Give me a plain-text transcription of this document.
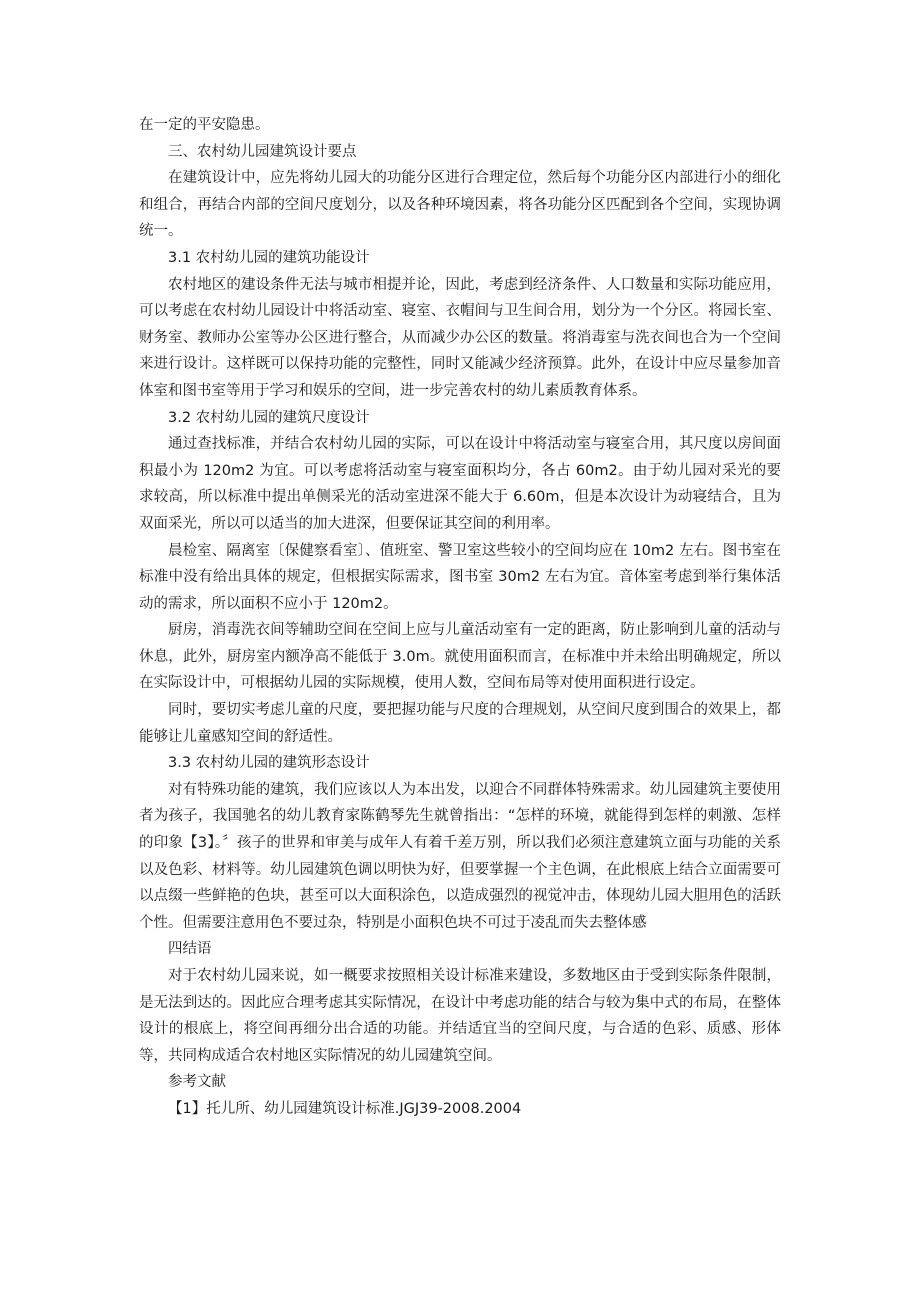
在一定的平安隐患。

三、农村幼儿园建筑设计要点

在建筑设计中，应先将幼儿园大的功能分区进行合理定位，然后每个功能分区内部进行小的细化和组合，再结合内部的空间尺度划分，以及各种环境因素，将各功能分区匹配到各个空间，实现协调统一。

3.1 农村幼儿园的建筑功能设计

农村地区的建设条件无法与城市相提并论，因此，考虑到经济条件、人口数量和实际功能应用，可以考虑在农村幼儿园设计中将活动室、寝室、衣帽间与卫生间合用，划分为一个分区。将园长室、财务室、教师办公室等办公区进行整合，从而减少办公区的数量。将消毒室与洗衣间也合为一个空间来进行设计。这样既可以保持功能的完整性，同时又能减少经济预算。此外，在设计中应尽量参加音体室和图书室等用于学习和娱乐的空间，进一步完善农村的幼儿素质教育体系。

3.2 农村幼儿园的建筑尺度设计

通过查找标准，并结合农村幼儿园的实际，可以在设计中将活动室与寝室合用，其尺度以房间面积最小为 120m2 为宜。可以考虑将活动室与寝室面积均分，各占 60m2。由于幼儿园对采光的要求较高，所以标准中提出单侧采光的活动室进深不能大于 6.60m，但是本次设计为动寝结合，且为双面采光，所以可以适当的加大进深，但要保证其空间的利用率。

晨检室、隔离室〔保健察看室〕、值班室、警卫室这些较小的空间均应在 10m2 左右。图书室在标准中没有给出具体的规定，但根据实际需求，图书室 30m2 左右为宜。音体室考虑到举行集体活动的需求，所以面积不应小于 120m2。

厨房，消毒洗衣间等辅助空间在空间上应与儿童活动室有一定的距离，防止影响到儿童的活动与休息，此外，厨房室内额净高不能低于 3.0m。就使用面积而言，在标准中并未给出明确规定，所以在实际设计中，可根据幼儿园的实际规模，使用人数，空间布局等对使用面积进行设定。

同时，要切实考虑儿童的尺度，要把握功能与尺度的合理规划，从空间尺度到围合的效果上，都能够让儿童感知空间的舒适性。

3.3 农村幼儿园的建筑形态设计

对有特殊功能的建筑，我们应该以人为本出发，以迎合不同群体特殊需求。幼儿园建筑主要使用者为孩子，我国驰名的幼儿教育家陈鹤琴先生就曾指出：“怎样的环境，就能得到怎样的刺激、怎样的印象【3】。〞孩子的世界和审美与成年人有着千差万别，所以我们必须注意建筑立面与功能的关系以及色彩、材料等。幼儿园建筑色调以明快为好，但要掌握一个主色调，在此根底上结合立面需要可以点缀一些鲜艳的色块，甚至可以大面积涂色，以造成强烈的视觉冲击，体现幼儿园大胆用色的活跃个性。但需要注意用色不要过杂，特别是小面积色块不可过于凌乱而失去整体感

四结语

对于农村幼儿园来说，如一概要求按照相关设计标准来建设，多数地区由于受到实际条件限制，是无法到达的。因此应合理考虑其实际情况，在设计中考虑功能的结合与较为集中式的布局，在整体设计的根底上，将空间再细分出合适的功能。并结适宜当的空间尺度，与合适的色彩、质感、形体等，共同构成适合农村地区实际情况的幼儿园建筑空间。

参考文献

【1】托儿所、幼儿园建筑设计标准.JGJ39-2008.2004
